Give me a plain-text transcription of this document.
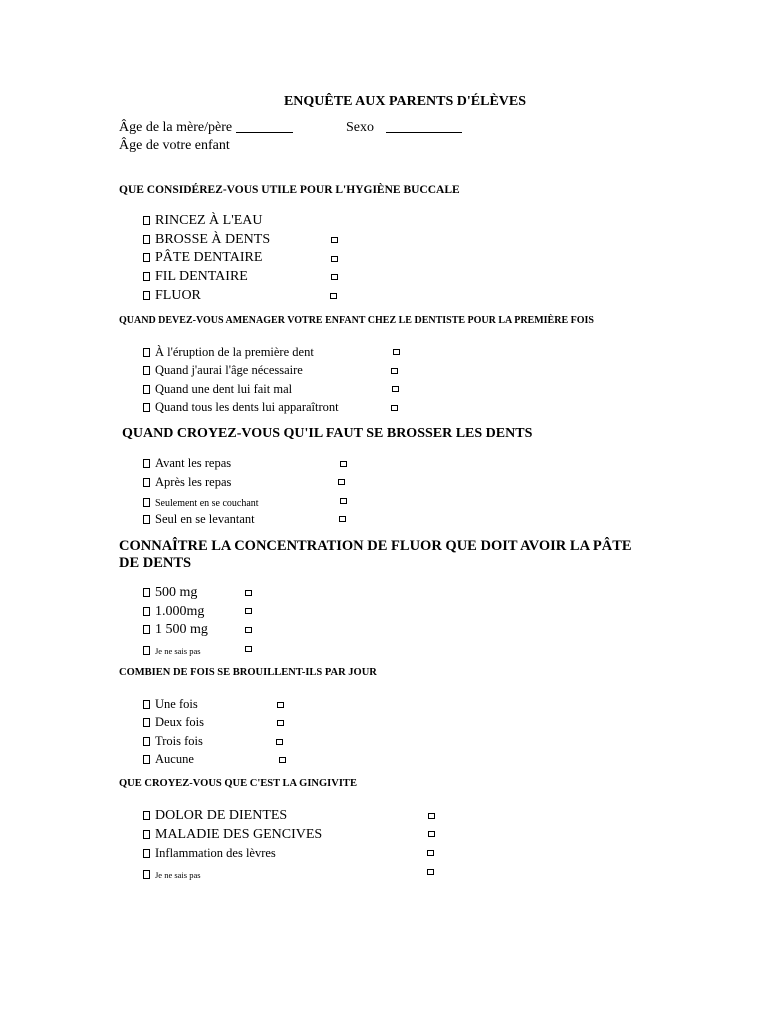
ENQUÊTE AUX PARENTS D'ÉLÈVES
Âge de la mère/père	Sexo
Âge de votre enfant
QUE CONSIDÉREZ-VOUS UTILE POUR L'HYGIÈNE BUCCALE
RINCEZ À L'EAU
BROSSE À DENTS
PÂTE DENTAIRE
FIL DENTAIRE
FLUOR
QUAND DEVEZ-VOUS AMENAGER VOTRE ENFANT CHEZ LE DENTISTE POUR LA PREMIÈRE FOIS
À l'éruption de la première dent
Quand j'aurai l'âge nécessaire
Quand une dent lui fait mal
Quand tous les dents lui apparaîtront
QUAND CROYEZ-VOUS QU'IL FAUT SE BROSSER LES DENTS
Avant les repas
Après les repas
Seulement en se couchant
Seul en se levantant
CONNAÎTRE LA CONCENTRATION DE FLUOR QUE DOIT AVOIR LA PÂTE
DE DENTS
500 mg
1.000mg
1 500 mg
Je ne sais pas
COMBIEN DE FOIS SE BROUILLENT-ILS PAR JOUR
Une fois
Deux fois
Trois fois
Aucune
QUE CROYEZ-VOUS QUE C'EST LA GINGIVITE
DOLOR DE DIENTES
MALADIE DES GENCIVES
Inflammation des lèvres
Je ne sais pas
